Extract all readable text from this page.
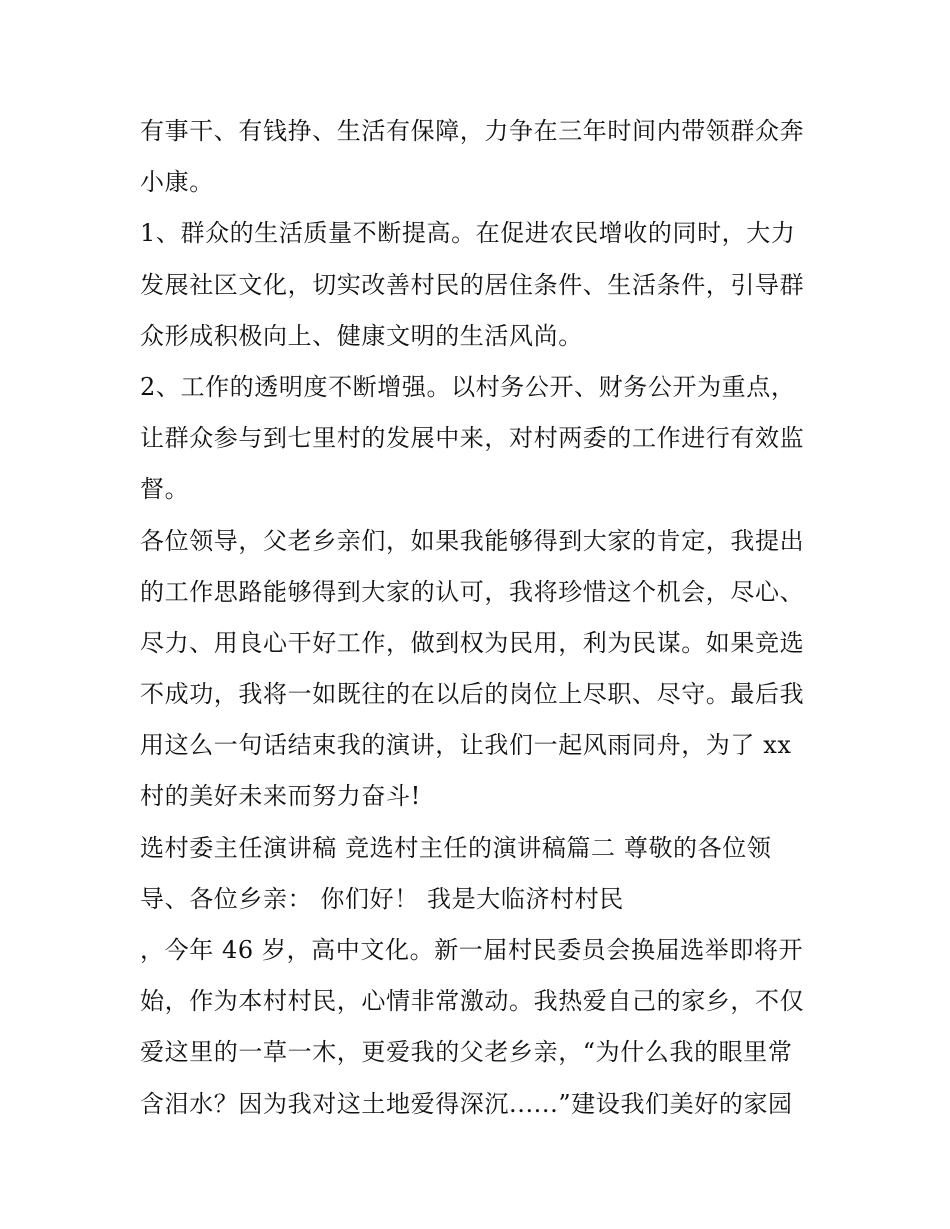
有事干、有钱挣、生活有保障，力争在三年时间内带领群众奔
小康。
1、群众的生活质量不断提高。在促进农民增收的同时，大力
发展社区文化，切实改善村民的居住条件、生活条件，引导群
众形成积极向上、健康文明的生活风尚。
2、工作的透明度不断增强。以村务公开、财务公开为重点，
让群众参与到七里村的发展中来，对村两委的工作进行有效监
督。
各位领导，父老乡亲们，如果我能够得到大家的肯定，我提出
的工作思路能够得到大家的认可，我将珍惜这个机会，尽心、
尽力、用良心干好工作，做到权为民用，利为民谋。如果竞选
不成功，我将一如既往的在以后的岗位上尽职、尽守。最后我
用这么一句话结束我的演讲，让我们一起风雨同舟，为了 xx
村的美好未来而努力奋斗!
选村委主任演讲稿 竞选村主任的演讲稿篇二 尊敬的各位领
导、各位乡亲： 你们好！ 我是大临济村村民
，今年 46 岁，高中文化。新一届村民委员会换届选举即将开
始，作为本村村民，心情非常激动。我热爱自己的家乡，不仅
爱这里的一草一木，更爱我的父老乡亲，“为什么我的眼里常
含泪水？因为我对这土地爱得深沉......”建设我们美好的家园
